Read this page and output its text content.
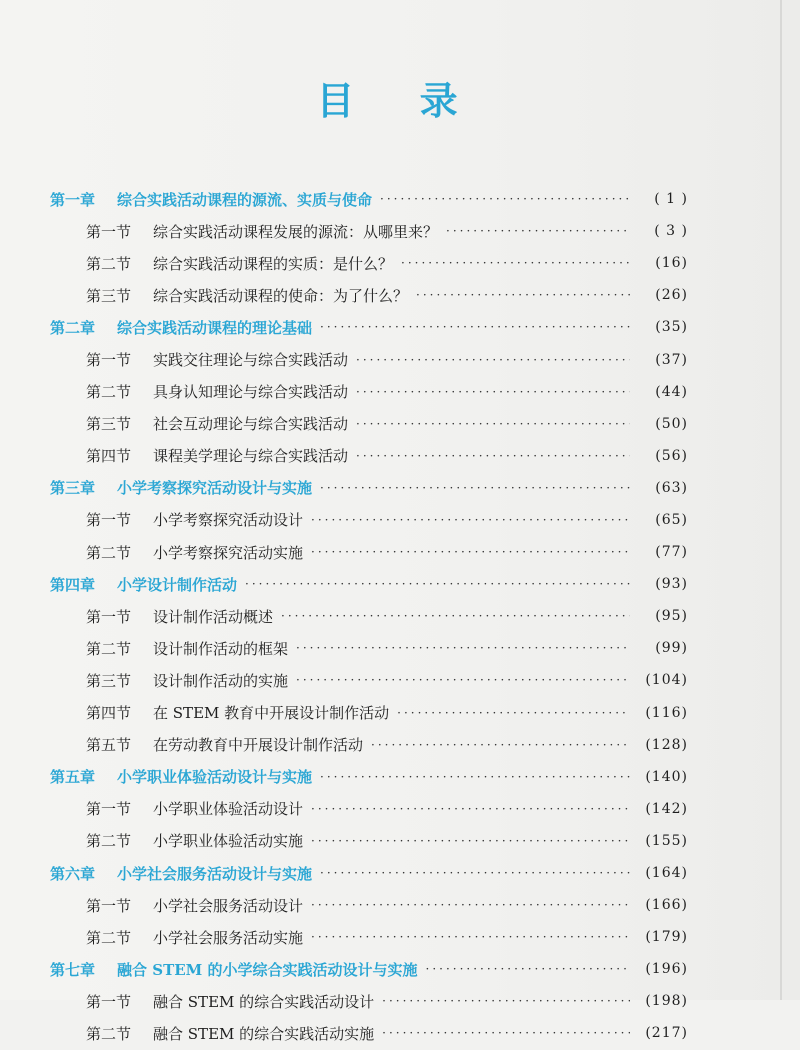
目 录
第一章 综合实践活动课程的源流、实质与使命 ·····	( 1 )
第一节 综合实践活动课程发展的源流：从哪里来？ ·····	( 3 )
第二节 综合实践活动课程的实质：是什么？ ·····	(16)
第三节 综合实践活动课程的使命：为了什么？ ·····	(26)
第二章 综合实践活动课程的理论基础 ·····	(35)
第一节 实践交往理论与综合实践活动 ·····	(37)
第二节 具身认知理论与综合实践活动 ·····	(44)
第三节 社会互动理论与综合实践活动 ·····	(50)
第四节 课程美学理论与综合实践活动 ·····	(56)
第三章 小学考察探究活动设计与实施 ·····	(63)
第一节 小学考察探究活动设计 ·····	(65)
第二节 小学考察探究活动实施 ·····	(77)
第四章 小学设计制作活动 ·····	(93)
第一节 设计制作活动概述 ·····	(95)
第二节 设计制作活动的框架 ·····	(99)
第三节 设计制作活动的实施 ·····	(104)
第四节 在 STEM 教育中开展设计制作活动 ·····	(116)
第五节 在劳动教育中开展设计制作活动 ·····	(128)
第五章 小学职业体验活动设计与实施 ·····	(140)
第一节 小学职业体验活动设计 ·····	(142)
第二节 小学职业体验活动实施 ·····	(155)
第六章 小学社会服务活动设计与实施 ·····	(164)
第一节 小学社会服务活动设计 ·····	(166)
第二节 小学社会服务活动实施 ·····	(179)
第七章 融合 STEM 的小学综合实践活动设计与实施 ·····	(196)
第一节 融合 STEM 的综合实践活动设计 ·····	(198)
第二节 融合 STEM 的综合实践活动实施 ·····	(217)
